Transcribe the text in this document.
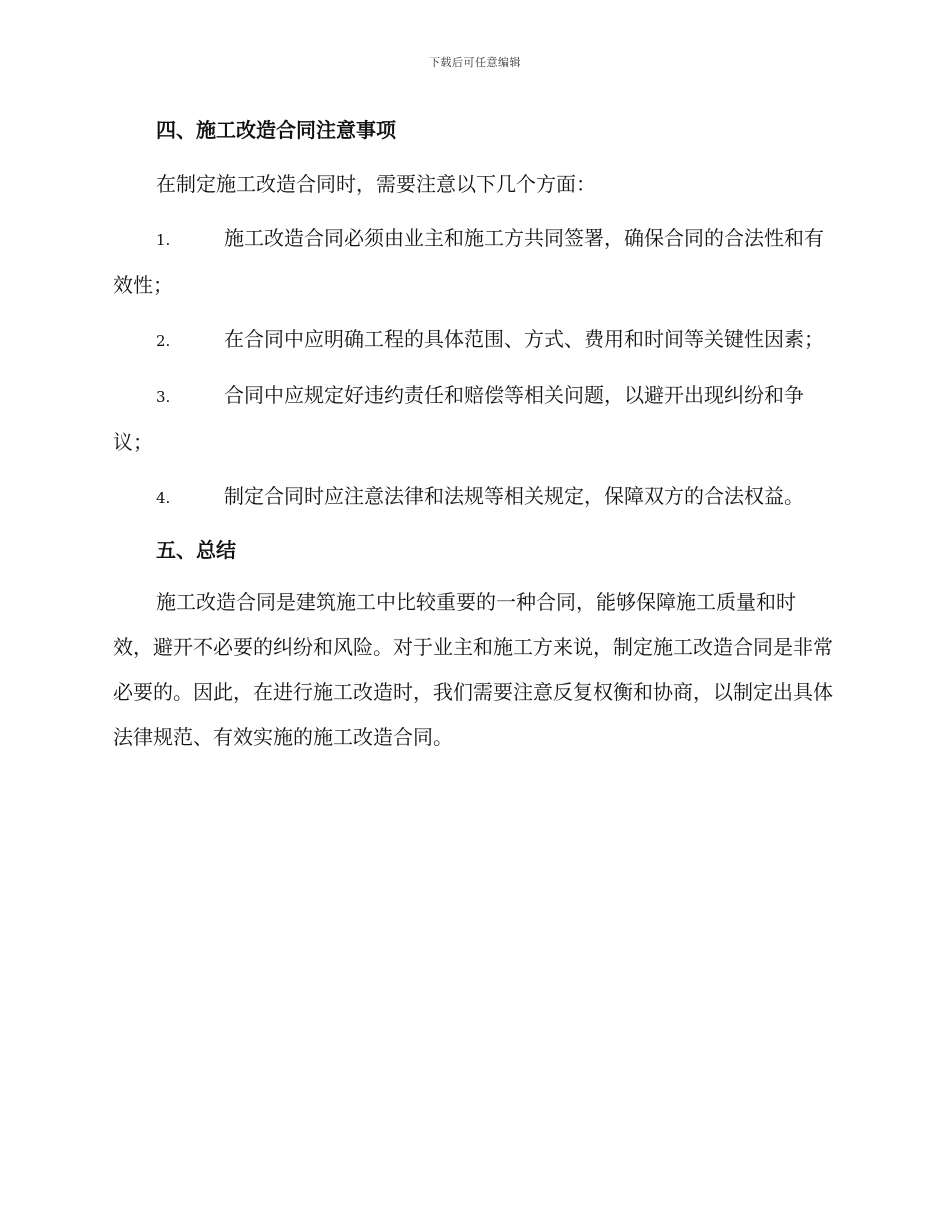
下载后可任意编辑
四、施工改造合同注意事项

在制定施工改造合同时，需要注意以下几个方面：

1.	施工改造合同必须由业主和施工方共同签署，确保合同的合法性和有效性；

2.	在合同中应明确工程的具体范围、方式、费用和时间等关键性因素；

3.	合同中应规定好违约责任和赔偿等相关问题，以避开出现纠纷和争议；

4.	制定合同时应注意法律和法规等相关规定，保障双方的合法权益。

五、总结

施工改造合同是建筑施工中比较重要的一种合同，能够保障施工质量和时效，避开不必要的纠纷和风险。对于业主和施工方来说，制定施工改造合同是非常必要的。因此，在进行施工改造时，我们需要注意反复权衡和协商，以制定出具体法律规范、有效实施的施工改造合同。
